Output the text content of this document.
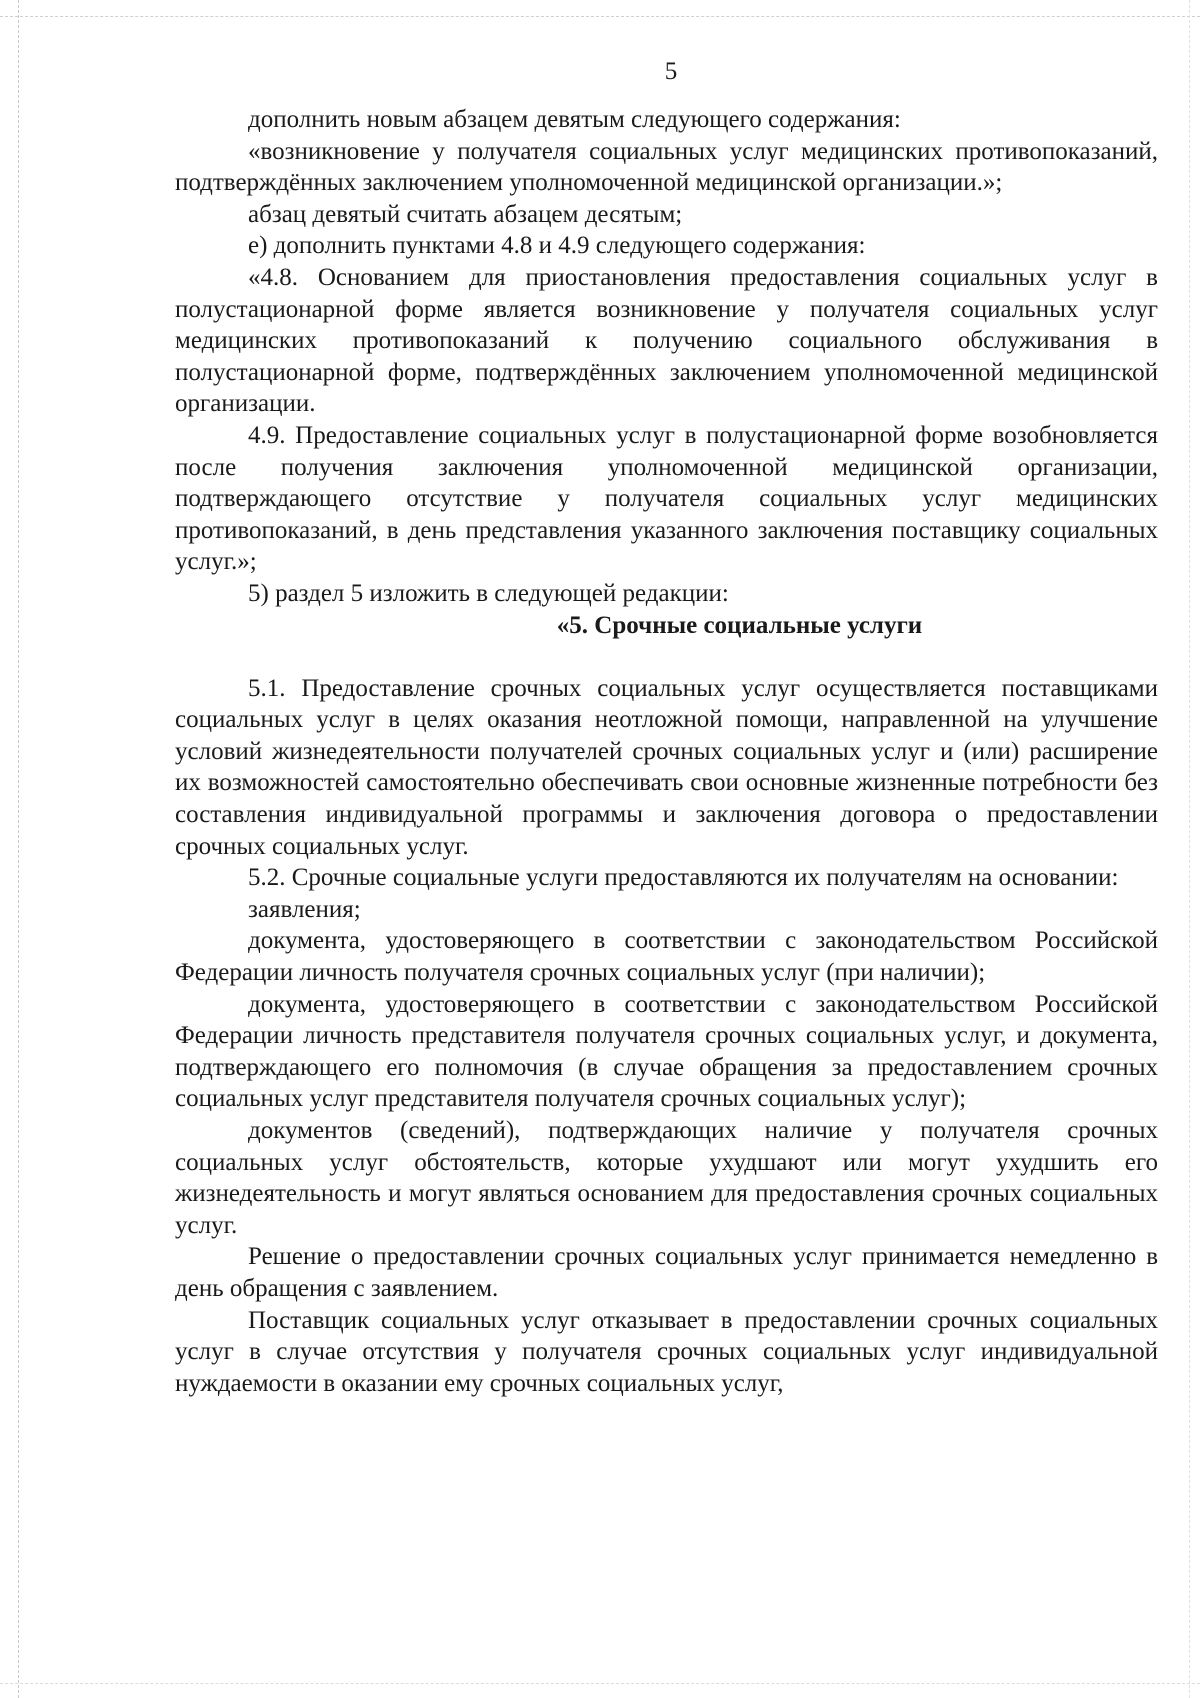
5

дополнить новым абзацем девятым следующего содержания:

«возникновение у получателя социальных услуг медицинских противопоказаний, подтверждённых заключением уполномоченной медицинской организации.»;

абзац девятый считать абзацем десятым;

е) дополнить пунктами 4.8 и 4.9 следующего содержания:

«4.8. Основанием для приостановления предоставления социальных услуг в полустационарной форме является возникновение у получателя социальных услуг медицинских противопоказаний к получению социального обслуживания в полустационарной форме, подтверждённых заключением уполномоченной медицинской организации.

4.9. Предоставление социальных услуг в полустационарной форме возобновляется после получения заключения уполномоченной медицинской организации, подтверждающего отсутствие у получателя социальных услуг медицинских противопоказаний, в день представления указанного заключения поставщику социальных услуг.»;

5) раздел 5 изложить в следующей редакции:

«5. Срочные социальные услуги

5.1. Предоставление срочных социальных услуг осуществляется поставщиками социальных услуг в целях оказания неотложной помощи, направленной на улучшение условий жизнедеятельности получателей срочных социальных услуг и (или) расширение их возможностей самостоятельно обеспечивать свои основные жизненные потребности без составления индивидуальной программы и заключения договора о предоставлении срочных социальных услуг.

5.2. Срочные социальные услуги предоставляются их получателям на основании:

заявления;

документа, удостоверяющего в соответствии с законодательством Российской Федерации личность получателя срочных социальных услуг (при наличии);

документа, удостоверяющего в соответствии с законодательством Российской Федерации личность представителя получателя срочных социальных услуг, и документа, подтверждающего его полномочия (в случае обращения за предоставлением срочных социальных услуг представителя получателя срочных социальных услуг);

документов (сведений), подтверждающих наличие у получателя срочных социальных услуг обстоятельств, которые ухудшают или могут ухудшить его жизнедеятельность и могут являться основанием для предоставления срочных социальных услуг.

Решение о предоставлении срочных социальных услуг принимается немедленно в день обращения с заявлением.

Поставщик социальных услуг отказывает в предоставлении срочных социальных услуг в случае отсутствия у получателя срочных социальных услуг индивидуальной нуждаемости в оказании ему срочных социальных услуг,
